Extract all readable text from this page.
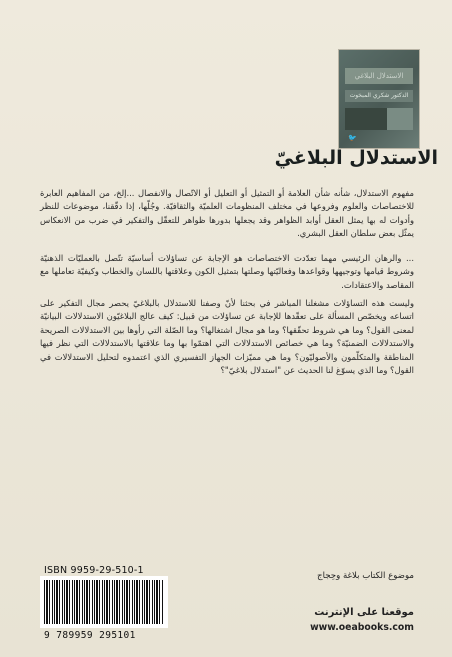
الاستدلال البلاغي
الدكتور شكري المبخوت
🐦
الاستدلال البلاغيّ
مفهوم الاستدلال، شأنه شأن العلامة أو التمثيل أو التعليل أو الاتّصال والانفصال ...إلخ، من المفاهيم العابرة للاختصاصات والعلوم وفروعها في مختلف المنظومات العلميّة والثقافيّة. وجُلّها، إذا دقّقنا، موضوعات للنظر وأدوات له بها يمثل العقل أوابد الظواهر وقد يجعلها بدورها ظواهر للتعقّل والتفكير في ضرب من الانعكاس يمثّل بعض سلطان العقل البشري.
... والرهان الرئيسي مهما تعدّدت الاختصاصات هو الإجابة عن تساؤلات أساسيّة تتّصل بالعمليّات الذهنيّة وشروط قيامها وتوجيهها وقواعدها وفعاليّتها وصلتها بتمثيل الكون وعلاقتها باللسان والخطاب وكيفيّة تعاملها مع المقاصد والاعتقادات.
وليست هذه التساؤلات مشغلنا المباشر في بحثنا لأنّ وصفنا للاستدلال بالبلاغيّ يحصر مجال التفكير على اتساعه ويخصّص المسألة على تعقّدها للإجابة عن تساؤلات من قبيل: كيف عالج البلاغيّون الاستدلالات البيانيّة لمعنى القول؟ وما هي شروط تحقّقها؟ وما هو مجال اشتغالها؟ وما الصّلة التي رأوها بين الاستدلالات الصريحة والاستدلالات الضمنيّة؟ وما هي خصائص الاستدلالات التي اهتمّوا بها وما علاقتها بالاستدلالات التي نظر فيها المناطقة والمتكلّمون والأصوليّون؟ وما هي مميّزات الجهاز التفسيري الذي اعتمدوه لتحليل الاستدلالات في القول؟ وما الذي يسوّغ لنا الحديث عن "استدلال بلاغيّ"؟
ISBN 9959-29-510-1
9 789959 295101
موضوع الكتاب بلاغة وحِجاج
موقعنا على الإنترنت
www.oeabooks.com
